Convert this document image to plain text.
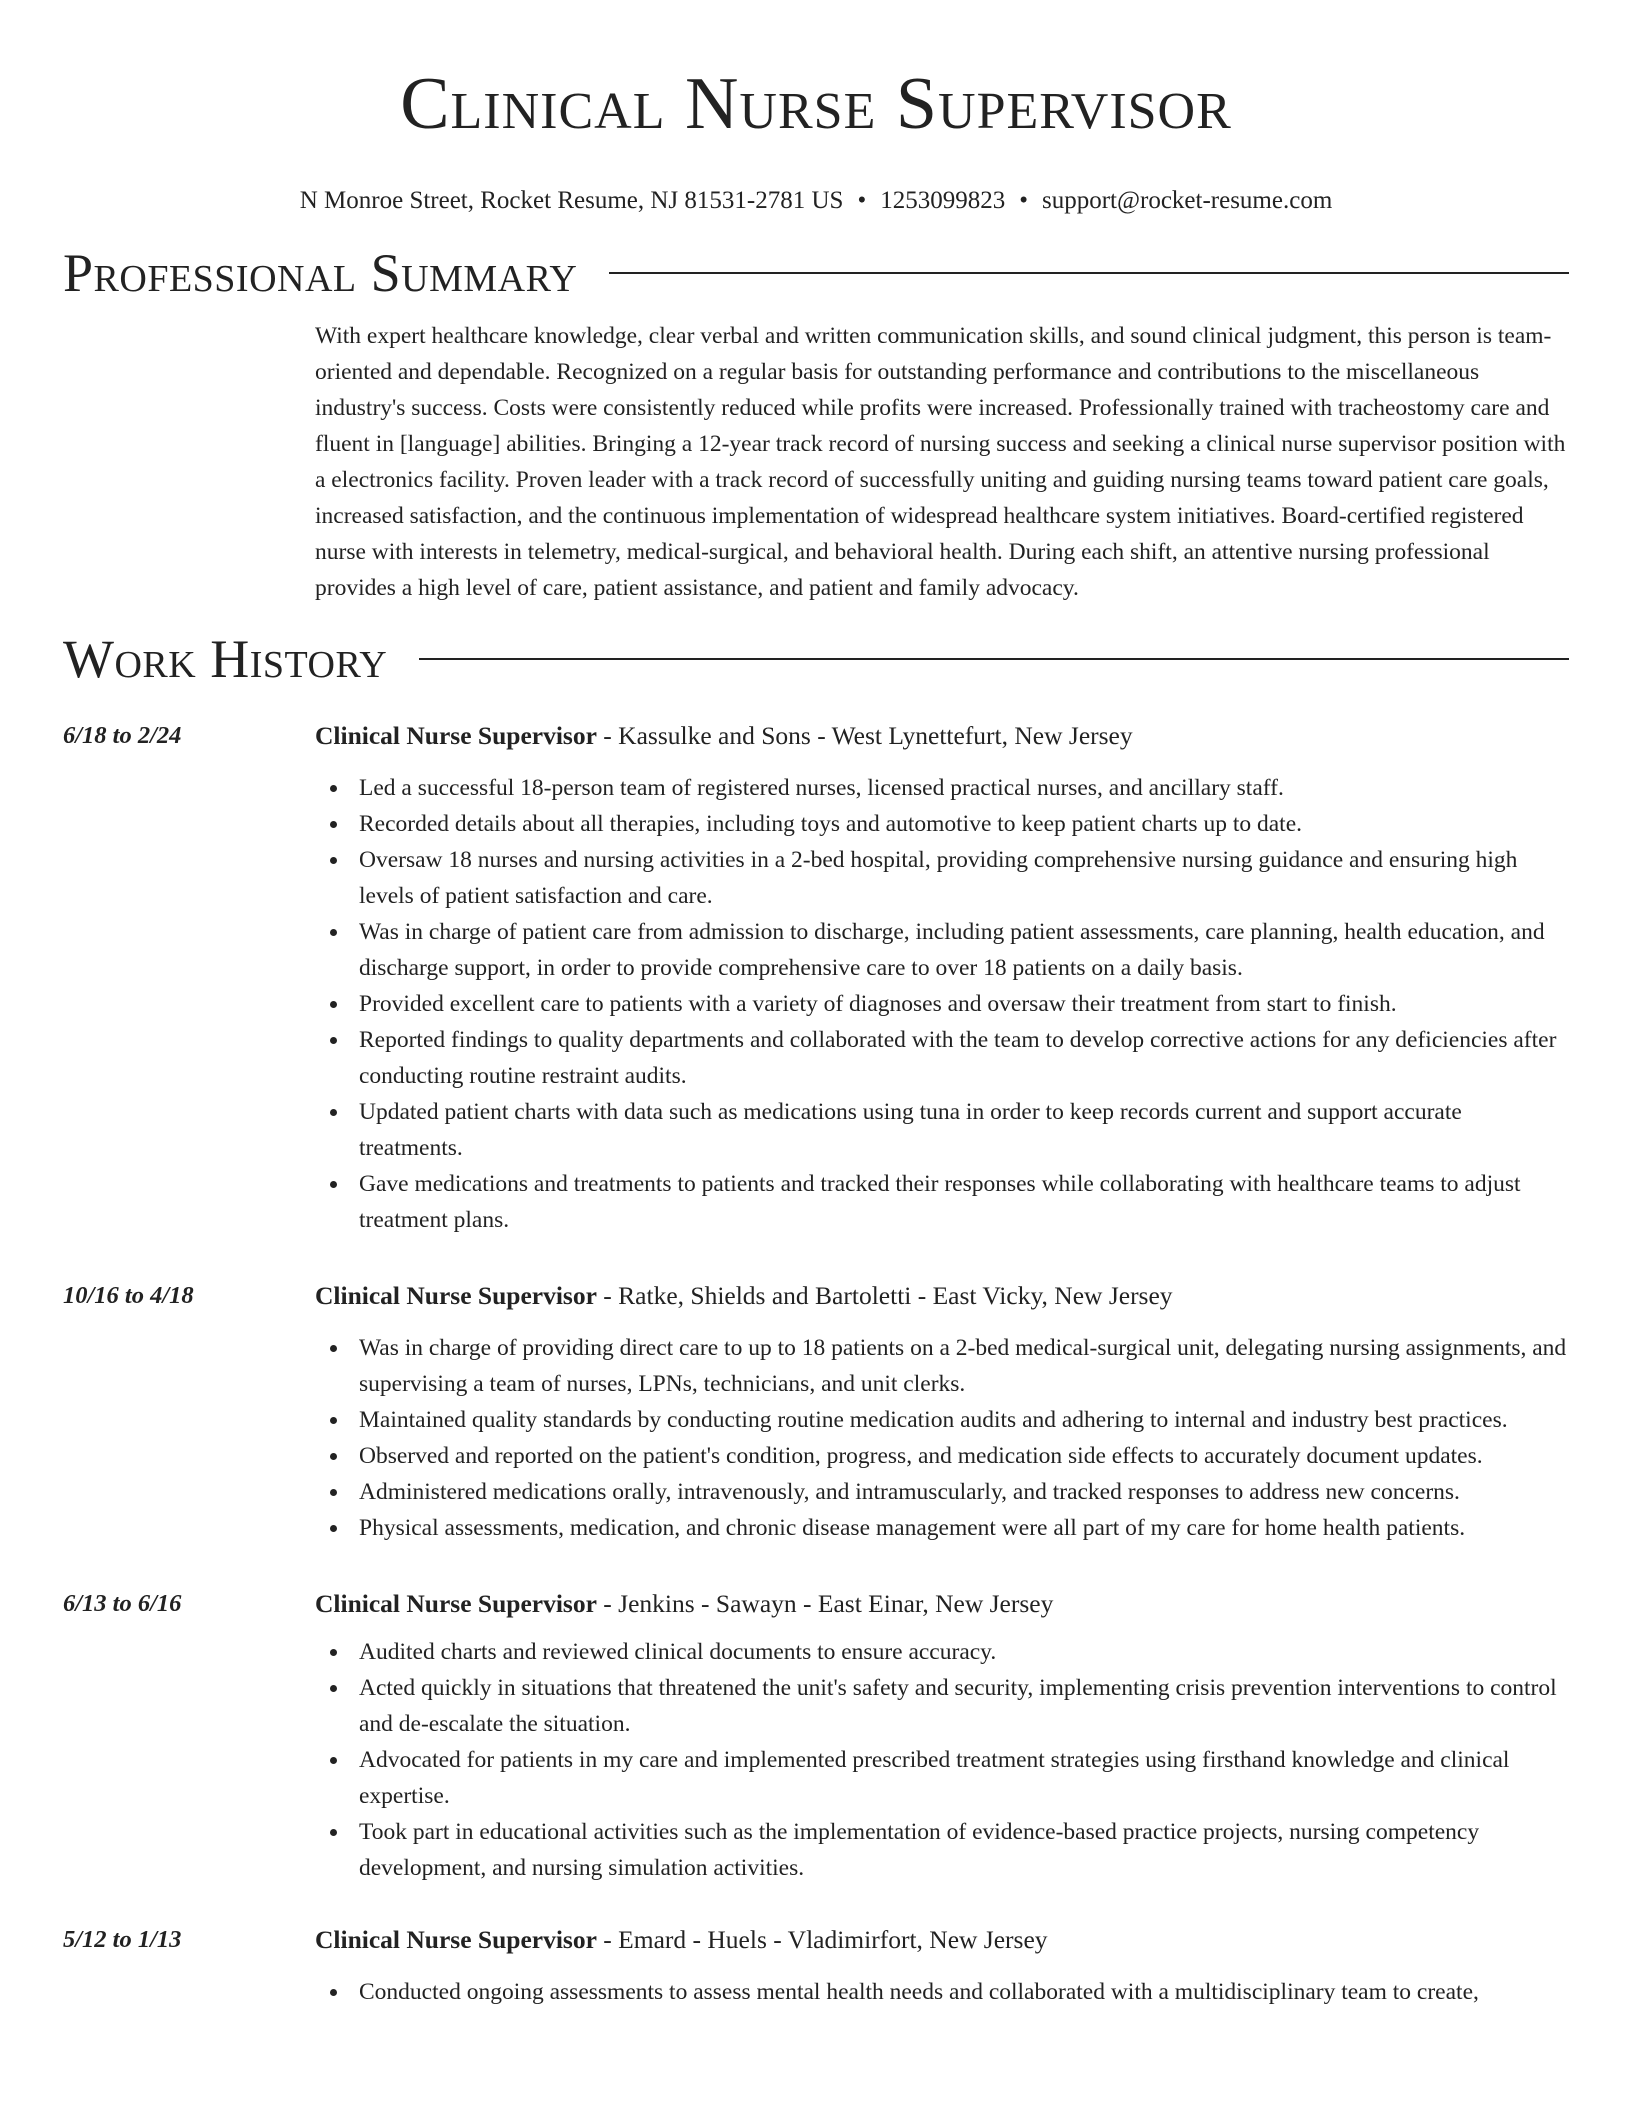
Clinical Nurse Supervisor
N Monroe Street, Rocket Resume, NJ 81531-2781 US • 1253099823 • support@rocket-resume.com
Professional Summary
With expert healthcare knowledge, clear verbal and written communication skills, and sound clinical judgment, this person is team-oriented and dependable. Recognized on a regular basis for outstanding performance and contributions to the miscellaneous industry's success. Costs were consistently reduced while profits were increased. Professionally trained with tracheostomy care and fluent in [language] abilities. Bringing a 12-year track record of nursing success and seeking a clinical nurse supervisor position with a electronics facility. Proven leader with a track record of successfully uniting and guiding nursing teams toward patient care goals, increased satisfaction, and the continuous implementation of widespread healthcare system initiatives. Board-certified registered nurse with interests in telemetry, medical-surgical, and behavioral health. During each shift, an attentive nursing professional provides a high level of care, patient assistance, and patient and family advocacy.
Work History
6/18 to 2/24	Clinical Nurse Supervisor - Kassulke and Sons - West Lynettefurt, New Jersey
Led a successful 18-person team of registered nurses, licensed practical nurses, and ancillary staff.
Recorded details about all therapies, including toys and automotive to keep patient charts up to date.
Oversaw 18 nurses and nursing activities in a 2-bed hospital, providing comprehensive nursing guidance and ensuring high levels of patient satisfaction and care.
Was in charge of patient care from admission to discharge, including patient assessments, care planning, health education, and discharge support, in order to provide comprehensive care to over 18 patients on a daily basis.
Provided excellent care to patients with a variety of diagnoses and oversaw their treatment from start to finish.
Reported findings to quality departments and collaborated with the team to develop corrective actions for any deficiencies after conducting routine restraint audits.
Updated patient charts with data such as medications using tuna in order to keep records current and support accurate treatments.
Gave medications and treatments to patients and tracked their responses while collaborating with healthcare teams to adjust treatment plans.
10/16 to 4/18	Clinical Nurse Supervisor - Ratke, Shields and Bartoletti - East Vicky, New Jersey
Was in charge of providing direct care to up to 18 patients on a 2-bed medical-surgical unit, delegating nursing assignments, and supervising a team of nurses, LPNs, technicians, and unit clerks.
Maintained quality standards by conducting routine medication audits and adhering to internal and industry best practices.
Observed and reported on the patient's condition, progress, and medication side effects to accurately document updates.
Administered medications orally, intravenously, and intramuscularly, and tracked responses to address new concerns.
Physical assessments, medication, and chronic disease management were all part of my care for home health patients.
6/13 to 6/16	Clinical Nurse Supervisor - Jenkins - Sawayn - East Einar, New Jersey
Audited charts and reviewed clinical documents to ensure accuracy.
Acted quickly in situations that threatened the unit's safety and security, implementing crisis prevention interventions to control and de-escalate the situation.
Advocated for patients in my care and implemented prescribed treatment strategies using firsthand knowledge and clinical expertise.
Took part in educational activities such as the implementation of evidence-based practice projects, nursing competency development, and nursing simulation activities.
5/12 to 1/13	Clinical Nurse Supervisor - Emard - Huels - Vladimirfort, New Jersey
Conducted ongoing assessments to assess mental health needs and collaborated with a multidisciplinary team to create,
